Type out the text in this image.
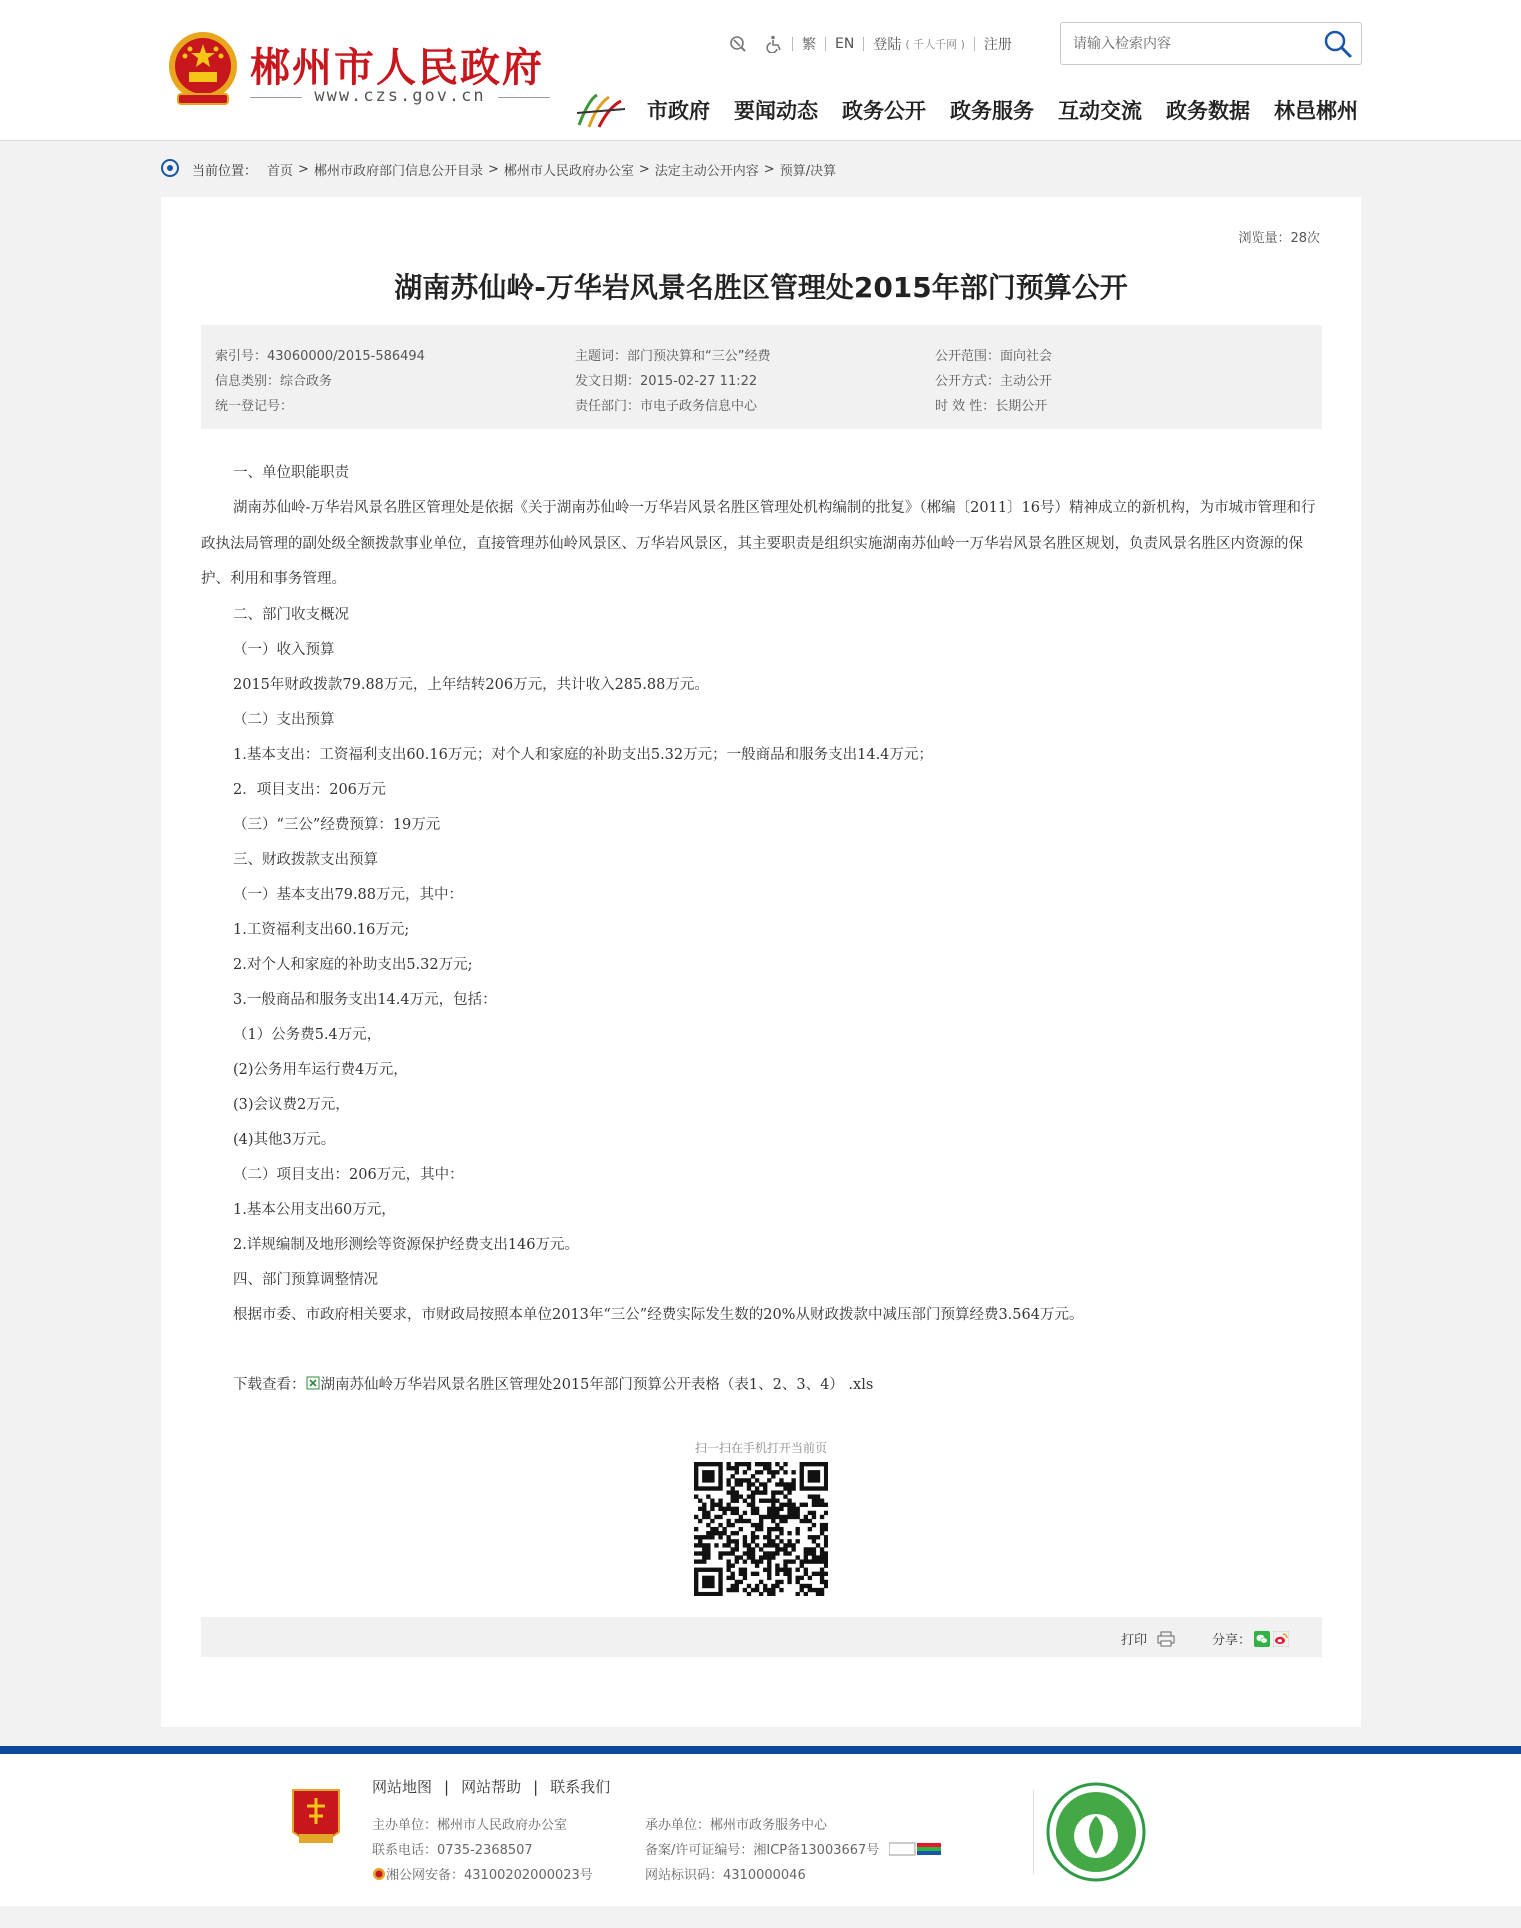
郴州市人民政府
www.czs.gov.cn
繁	EN	登陆 ( 千人千网 )	注册
请输入检索内容
市政府 要闻动态 政务公开 政务服务 互动交流 政务数据 林邑郴州
当前位置： 首页 > 郴州市政府部门信息公开目录 > 郴州市人民政府办公室 > 法定主动公开内容 > 预算/决算
浏览量：28次
湖南苏仙岭-万华岩风景名胜区管理处2015年部门预算公开
索引号：43060000/2015-586494	主题词：部门预决算和“三公”经费	公开范围：面向社会
信息类别：综合政务	发文日期：2015-02-27 11:22	公开方式：主动公开
统一登记号：	责任部门：市电子政务信息中心	时 效 性：长期公开
一、单位职能职责
湖南苏仙岭-万华岩风景名胜区管理处是依据《关于湖南苏仙岭一万华岩风景名胜区管理处机构编制的批复》（郴编〔2011〕16号）精神成立的新机构，为市城市管理和行政执法局管理的副处级全额拨款事业单位，直接管理苏仙岭风景区、万华岩风景区，其主要职责是组织实施湖南苏仙岭一万华岩风景名胜区规划，负责风景名胜区内资源的保护、利用和事务管理。
二、部门收支概况
（一）收入预算
2015年财政拨款79.88万元，上年结转206万元，共计收入285.88万元。
（二）支出预算
1.基本支出：工资福利支出60.16万元；对个人和家庭的补助支出5.32万元；一般商品和服务支出14.4万元；
2．项目支出：206万元
（三）“三公”经费预算：19万元
三、财政拨款支出预算
（一）基本支出79.88万元，其中：
1.工资福利支出60.16万元;
2.对个人和家庭的补助支出5.32万元;
3.一般商品和服务支出14.4万元，包括：
（1）公务费5.4万元，
(2)公务用车运行费4万元，
(3)会议费2万元，
(4)其他3万元。
（二）项目支出：206万元，其中：
1.基本公用支出60万元，
2.详规编制及地形测绘等资源保护经费支出146万元。
四、部门预算调整情况
根据市委、市政府相关要求，市财政局按照本单位2013年“三公”经费实际发生数的20%从财政拨款中减压部门预算经费3.564万元。
下载查看： 湖南苏仙岭万华岩风景名胜区管理处2015年部门预算公开表格（表1、2、3、4） .xls
扫一扫在手机打开当前页
打印	分享：
网站地图 | 网站帮助 | 联系我们
主办单位：郴州市人民政府办公室
联系电话：0735-2368507
湘公网安备：43100202000023号
承办单位：郴州市政务服务中心
备案/许可证编号：湘ICP备13003667号
网站标识码：4310000046
